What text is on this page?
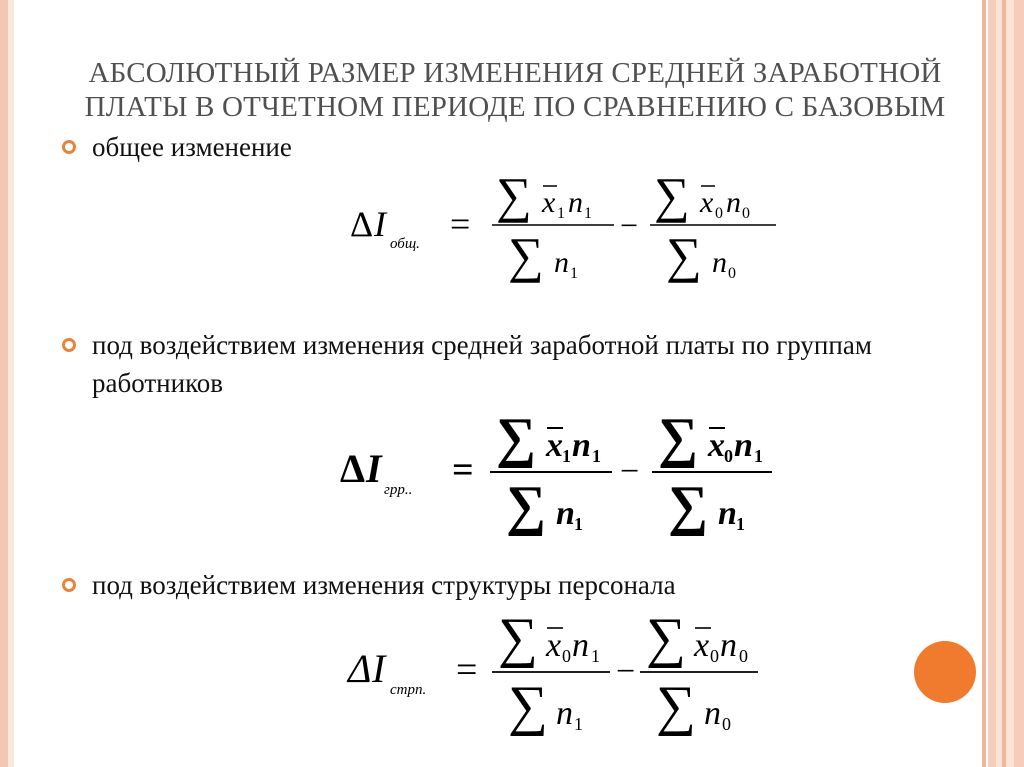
АБСОЛЮТНЫЙ РАЗМЕР ИЗМЕНЕНИЯ СРЕДНЕЙ ЗАРАБОТНОЙ
ПЛАТЫ В ОТЧЕТНОМ ПЕРИОДЕ ПО СРАВНЕНИЮ С БАЗОВЫМ
общее изменение
Δ I общ. =
∑ x 1 n 1
∑ n 1
−
∑ x 0 n 0
∑ n 0
под воздействием изменения средней заработной платы по группам работников
Δ I грр.. =
∑ x 1 n 1
∑ n 1
−
∑ x 0 n 1
∑ n 1
под воздействием изменения структуры персонала
Δ I стрп. =
∑ x 0 n 1
∑ n 1
−
∑ x 0 n 0
∑ n 0
